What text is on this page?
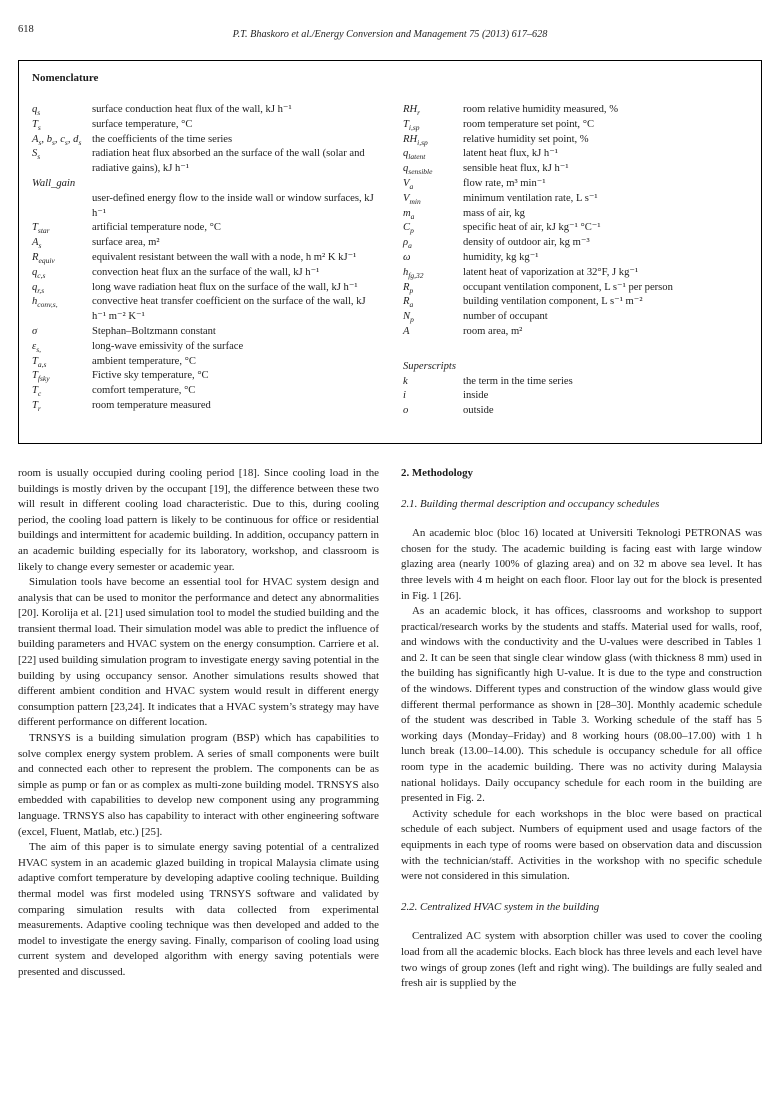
618	P.T. Bhaskoro et al./Energy Conversion and Management 75 (2013) 617–628
Nomenclature
$q_s$	surface conduction heat flux of the wall, kJ h⁻¹
$T_s$	surface temperature, °C
$A_s$, $b_s$, $c_s$, $d_s$	the coefficients of the time series
$S_s$	radiation heat flux absorbed an the surface of the wall (solar and radiative gains), kJ h⁻¹
Wall_gain
user-defined energy flow to the inside wall or window surfaces, kJ h⁻¹
$T_{star}$	artificial temperature node, °C
$A_s$	surface area, m²
$R_{equiv}$	equivalent resistant between the wall with a node, h m² K kJ⁻¹
$q_{c,s}$	convection heat flux an the surface of the wall, kJ h⁻¹
$q_{r,s}$	long wave radiation heat flux on the surface of the wall, kJ h⁻¹
$h_{conv,s,}$	convective heat transfer coefficient on the surface of the wall, kJ h⁻¹ m⁻² K⁻¹
σ	Stephan–Boltzmann constant
$\varepsilon_{s,}$	long-wave emissivity of the surface
$T_{a,s}$	ambient temperature, °C
$T_{fsky}$	Fictive sky temperature, °C
$T_c$	comfort temperature, °C
$T_r$	room temperature measured
$RH_r$	room relative humidity measured, %
$T_{i,sp}$	room temperature set point, °C
$RH_{i,sp}$	relative humidity set point, %
$q_{latent}$	latent heat flux, kJ h⁻¹
$q_{sensible}$	sensible heat flux, kJ h⁻¹
$V_a$	flow rate, m³ min⁻¹
$V_{min}$	minimum ventilation rate, L s⁻¹
$m_a$	mass of air, kg
$C_p$	specific heat of air, kJ kg⁻¹ °C⁻¹
$\rho_a$	density of outdoor air, kg m⁻³
ω	humidity, kg kg⁻¹
$h_{fg,32}$	latent heat of vaporization at 32°F, J kg⁻¹
$R_p$	occupant ventilation component, L s⁻¹ per person
$R_a$	building ventilation component, L s⁻¹ m⁻²
$N_p$	number of occupant
A	room area, m²
Superscripts
k	the term in the time series
i	inside
o	outside

room is usually occupied during cooling period [18]. Since cooling load in the buildings is mostly driven by the occupant [19], the difference between these two will result in different cooling load characteristic. Due to this, during cooling period, the cooling load pattern is likely to be continuous for office or residential buildings and intermittent for academic building. In addition, occupancy pattern in an academic building especially for its laboratory, workshop, and classroom is likely to change every semester or academic year.

Simulation tools have become an essential tool for HVAC system design and analysis that can be used to monitor the performance and detect any abnormalities [20]. Korolija et al. [21] used simulation tool to model the studied building and the transient thermal load. Their simulation model was able to predict the influence of building parameters and HVAC system on the energy consumption. Carriere et al. [22] used building simulation program to investigate energy saving potential in the building by using occupancy sensor. Another simulations results showed that different ambient condition and HVAC system would result in different energy consumption pattern [23,24]. It indicates that a HVAC system’s strategy may have different performance on different location.

TRNSYS is a building simulation program (BSP) which has capabilities to solve complex energy system problem. A series of small components were built and connected each other to represent the problem. The components can be as simple as pump or fan or as complex as multi-zone building model. TRNSYS also embedded with capabilities to develop new component using any programming language. TRNSYS also has capability to interact with other engineering software (excel, Fluent, Matlab, etc.) [25].

The aim of this paper is to simulate energy saving potential of a centralized HVAC system in an academic glazed building in tropical Malaysia climate using adaptive comfort temperature by developing adaptive cooling technique. Building thermal model was first modeled using TRNSYS software and validated by comparing simulation results with data collected from experimental measurements. Adaptive cooling technique was then developed and added to the model to investigate the energy saving. Finally, comparison of cooling load using current system and developed algorithm with energy saving potentials were presented and discussed.

2. Methodology
2.1. Building thermal description and occupancy schedules

An academic bloc (bloc 16) located at Universiti Teknologi PETRONAS was chosen for the study. The academic building is facing east with large window glazing area (nearly 100% of glazing area) and on 32 m above sea level. It has three levels with 4 m height on each floor. Floor lay out for the block is presented in Fig. 1 [26].

As an academic block, it has offices, classrooms and workshop to support practical/research works by the students and staffs. Material used for walls, roof, and windows with the conductivity and the U-values were described in Tables 1 and 2. It can be seen that single clear window glass (with thickness 8 mm) used in the building has significantly high U-value. It is due to the type and construction of the windows. Different types and construction of the window glass would give different thermal performance as shown in [28–30]. Monthly academic schedule of the student was described in Table 3. Working schedule of the staff has 5 working days (Monday–Friday) and 8 working hours (08.00–17.00) with 1 h lunch break (13.00–14.00). This schedule is occupancy schedule for all office room type in the academic building. There was no activity during Malaysia national holidays. Daily occupancy schedule for each room in the building are presented in Fig. 2.

Activity schedule for each workshops in the bloc were based on practical schedule of each subject. Numbers of equipment used and usage factors of the equipments in each type of rooms were based on observation data and discussion with the technician/staff. Activities in the workshop with no specific schedule were not considered in this simulation.

2.2. Centralized HVAC system in the building

Centralized AC system with absorption chiller was used to cover the cooling load from all the academic blocks. Each block has three levels and each level have two wings of group zones (left and right wing). The buildings are fully sealed and fresh air is supplied by the
